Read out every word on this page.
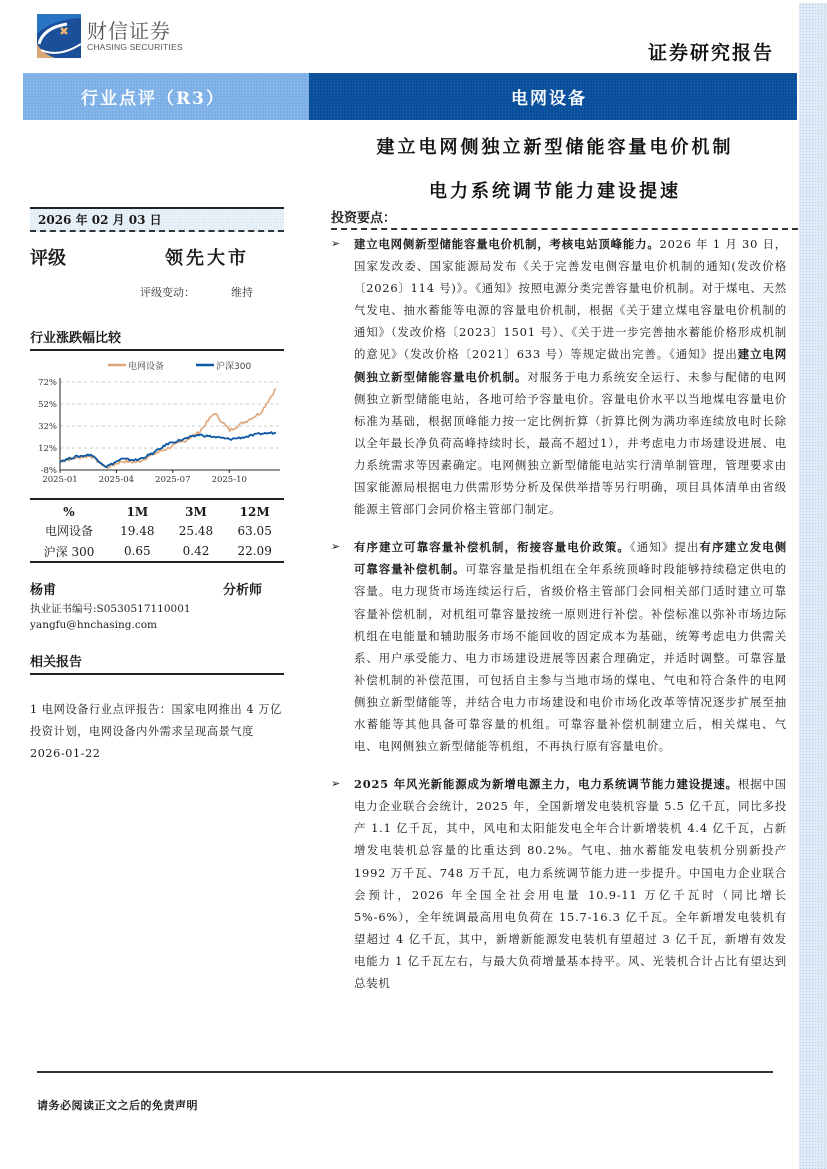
财信证券
CHASING SECURITIES	证券研究报告
行业点评（R3）	电网设备
建立电网侧独立新型储能容量电价机制
电力系统调节能力建设提速
2026 年 02 月 03 日
评级	领先大市
评级变动：	维持
行业涨跌幅比较
72%
52%
32%
12%
-8%
2025-01 2025-04 2025-07 2025-10
电网设备	沪深300
%	1M	3M	12M
电网设备	19.48	25.48	63.05
沪深 300	0.65	0.42	22.09
杨甫	分析师
执业证书编号:S0530517110001
yangfu@hnchasing.com
相关报告
1 电网设备行业点评报告：国家电网推出 4 万亿投资计划，电网设备内外需求呈现高景气度 2026-01-22
投资要点：
➢ 建立电网侧新型储能容量电价机制，考核电站顶峰能力。2026 年 1 月 30 日，国家发改委、国家能源局发布《关于完善发电侧容量电价机制的通知(发改价格〔2026〕114 号)》。《通知》按照电源分类完善容量电价机制。对于煤电、天然气发电、抽水蓄能等电源的容量电价机制，根据《关于建立煤电容量电价机制的通知》（发改价格〔2023〕1501 号）、《关于进一步完善抽水蓄能价格形成机制的意见》（发改价格〔2021〕633 号）等规定做出完善。《通知》提出建立电网侧独立新型储能容量电价机制。对服务于电力系统安全运行、未参与配储的电网侧独立新型储能电站，各地可给予容量电价。容量电价水平以当地煤电容量电价标准为基础，根据顶峰能力按一定比例折算（折算比例为满功率连续放电时长除以全年最长净负荷高峰持续时长，最高不超过1），并考虑电力市场建设进展、电力系统需求等因素确定。电网侧独立新型储能电站实行清单制管理，管理要求由国家能源局根据电力供需形势分析及保供举措等另行明确，项目具体清单由省级能源主管部门会同价格主管部门制定。
➢ 有序建立可靠容量补偿机制，衔接容量电价政策。《通知》提出有序建立发电侧可靠容量补偿机制。可靠容量是指机组在全年系统顶峰时段能够持续稳定供电的容量。电力现货市场连续运行后，省级价格主管部门会同相关部门适时建立可靠容量补偿机制，对机组可靠容量按统一原则进行补偿。补偿标准以弥补市场边际机组在电能量和辅助服务市场不能回收的固定成本为基础，统筹考虑电力供需关系、用户承受能力、电力市场建设进展等因素合理确定，并适时调整。可靠容量补偿机制的补偿范围，可包括自主参与当地市场的煤电、气电和符合条件的电网侧独立新型储能等，并结合电力市场建设和电价市场化改革等情况逐步扩展至抽水蓄能等其他具备可靠容量的机组。可靠容量补偿机制建立后，相关煤电、气电、电网侧独立新型储能等机组，不再执行原有容量电价。
➢ 2025 年风光新能源成为新增电源主力，电力系统调节能力建设提速。根据中国电力企业联合会统计，2025 年，全国新增发电装机容量 5.5 亿千瓦，同比多投产 1.1 亿千瓦，其中，风电和太阳能发电全年合计新增装机 4.4 亿千瓦，占新增发电装机总容量的比重达到 80.2%。气电、抽水蓄能发电装机分别新投产 1992 万千瓦、748 万千瓦，电力系统调节能力进一步提升。中国电力企业联合会预计，2026 年全国全社会用电量 10.9-11 万亿千瓦时（同比增长 5%-6%），全年统调最高用电负荷在 15.7-16.3 亿千瓦。全年新增发电装机有望超过 4 亿千瓦，其中，新增新能源发电装机有望超过 3 亿千瓦，新增有效发电能力 1 亿千瓦左右，与最大负荷增量基本持平。风、光装机合计占比有望达到总装机
请务必阅读正文之后的免责声明
